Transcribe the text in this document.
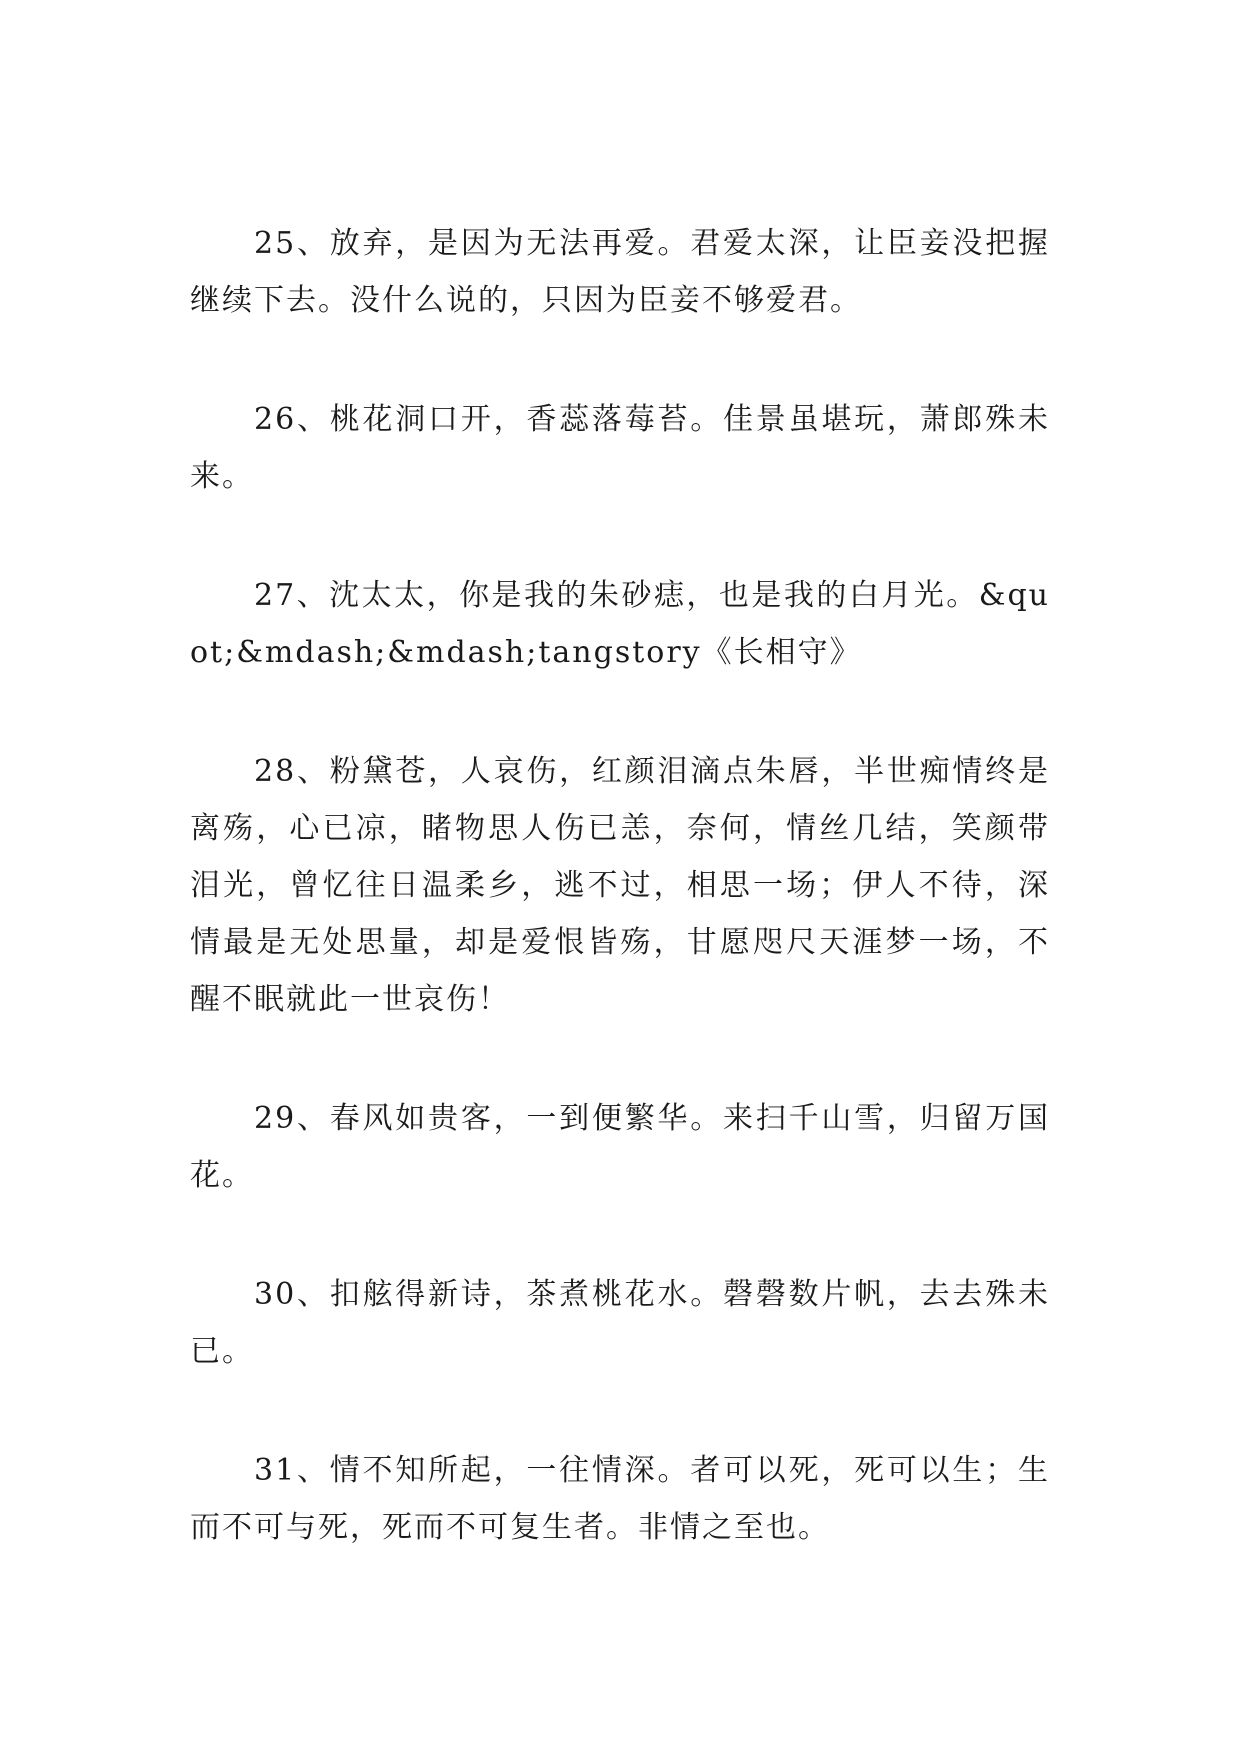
25、放弃，是因为无法再爱。君爱太深，让臣妾没把握继续下去。没什么说的，只因为臣妾不够爱君。

26、桃花洞口开，香蕊落莓苔。佳景虽堪玩，萧郎殊未来。

27、沈太太，你是我的朱砂痣，也是我的白月光。&quot;&mdash;&mdash;tangstory《长相守》

28、粉黛苍，人哀伤，红颜泪滴点朱唇，半世痴情终是离殇，心已凉，睹物思人伤已恙，奈何，情丝几结，笑颜带泪光，曾忆往日温柔乡，逃不过，相思一场；伊人不待，深情最是无处思量，却是爱恨皆殇，甘愿咫尺天涯梦一场，不醒不眠就此一世哀伤！

29、春风如贵客，一到便繁华。来扫千山雪，归留万国花。

30、扣舷得新诗，茶煮桃花水。磬磬数片帆，去去殊未已。

31、情不知所起，一往情深。者可以死，死可以生；生而不可与死，死而不可复生者。非情之至也。
